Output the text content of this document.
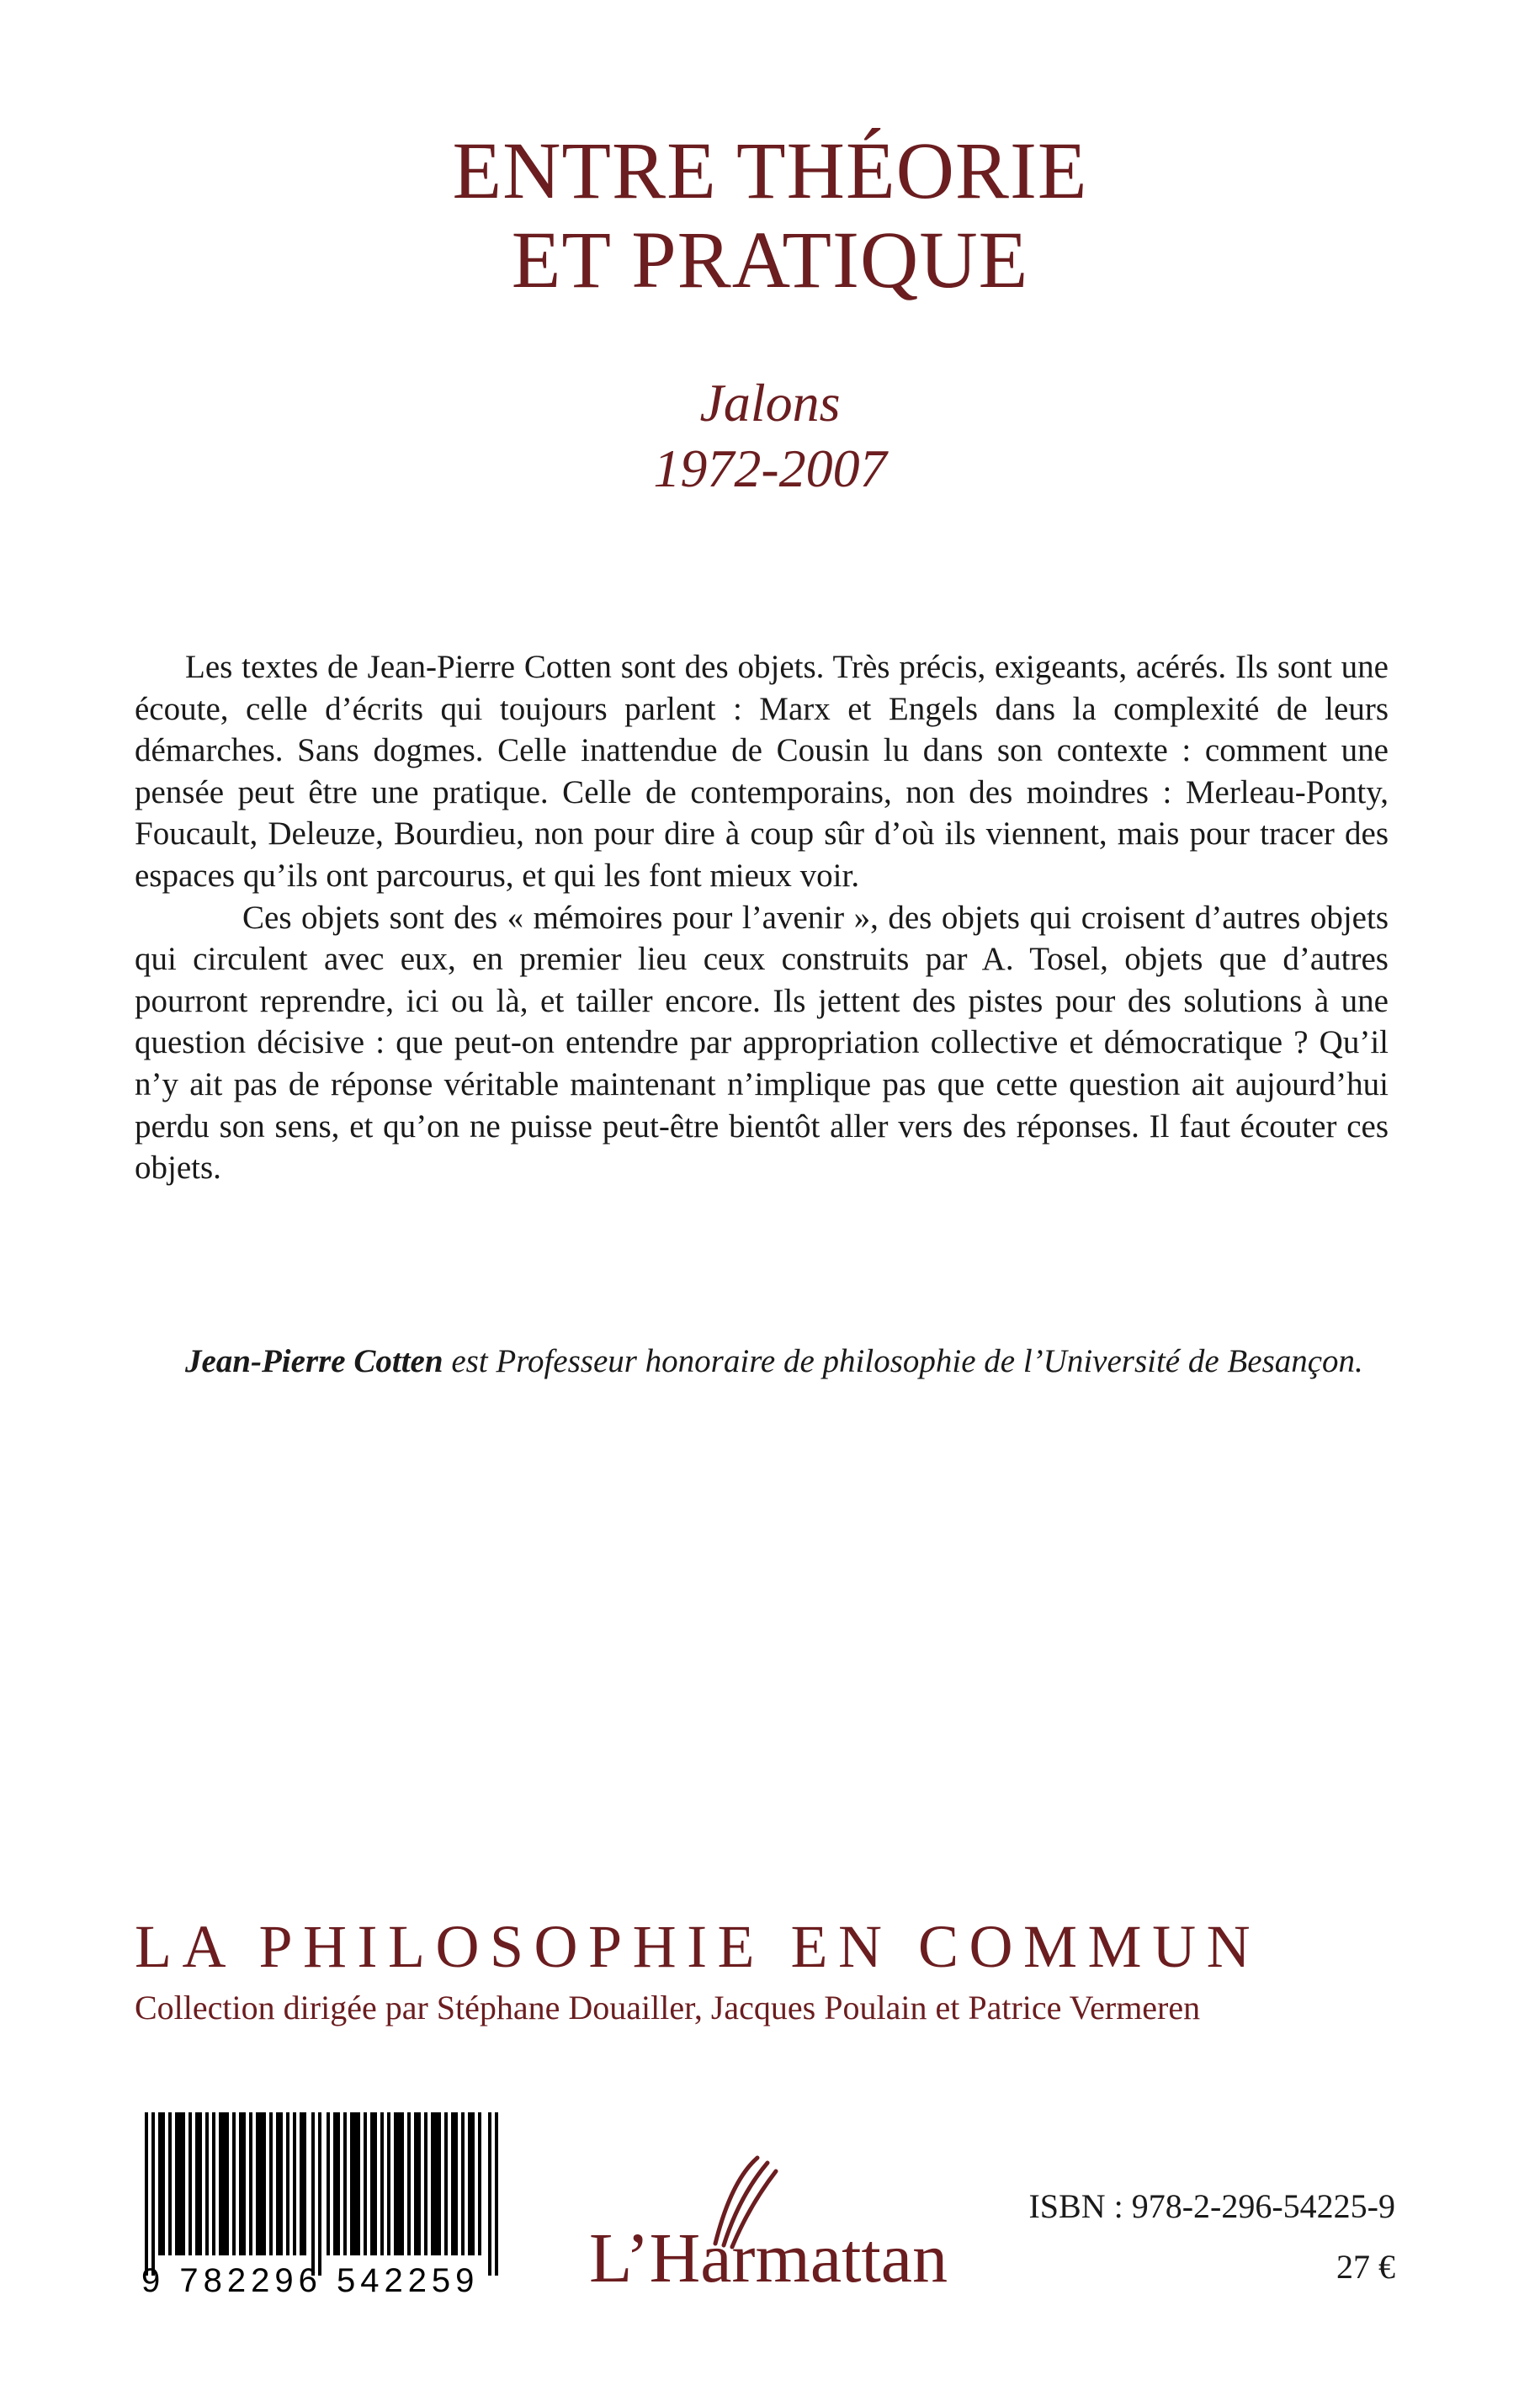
ENTRE THÉORIE
ET PRATIQUE
Jalons
1972-2007

Les textes de Jean-Pierre Cotten sont des objets. Très précis, exigeants, acérés. Ils sont une écoute, celle d’écrits qui toujours parlent : Marx et Engels dans la complexité de leurs démarches. Sans dogmes. Celle inattendue de Cousin lu dans son contexte : comment une pensée peut être une pratique. Celle de contemporains, non des moindres : Merleau-Ponty, Foucault, Deleuze, Bourdieu, non pour dire à coup sûr d’où ils viennent, mais pour tracer des espaces qu’ils ont parcourus, et qui les font mieux voir.

Ces objets sont des « mémoires pour l’avenir », des objets qui croisent d’autres objets qui circulent avec eux, en premier lieu ceux construits par A. Tosel, objets que d’autres pourront reprendre, ici ou là, et tailler encore. Ils jettent des pistes pour des solutions à une question décisive : que peut-on entendre par appropriation collective et démocratique ? Qu’il n’y ait pas de réponse véritable maintenant n’implique pas que cette question ait aujourd’hui perdu son sens, et qu’on ne puisse peut-être bientôt aller vers des réponses. Il faut écouter ces objets.

Jean-Pierre Cotten est Professeur honoraire de philosophie de l’Université de Besançon.

LA PHILOSOPHIE EN COMMUN
Collection dirigée par Stéphane Douailler, Jacques Poulain et Patrice Vermeren
9 782296 542259	L’Harmattan
ISBN : 978-2-296-54225-9
27 €
